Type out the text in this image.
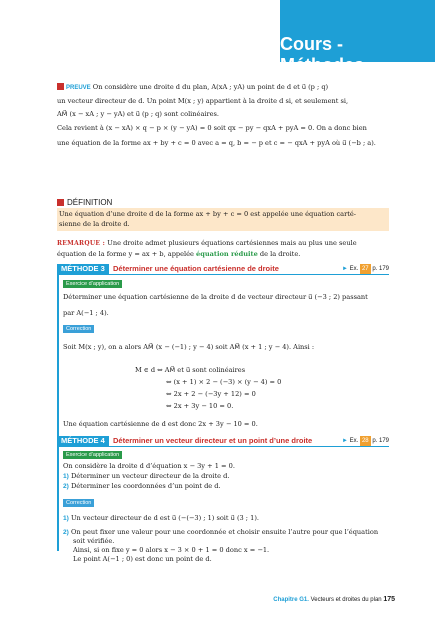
Cours - Méthodes
PREUVE On considère une droite d du plan, A(xA ; yA) un point de d et u⃗ (p ; q)
un vecteur directeur de d. Un point M(x ; y) appartient à la droite d si, et seulement si,
AM⃗ (x − xA ; y − yA) et u⃗ (p ; q) sont colinéaires.
Cela revient à (x − xA) × q − p × (y − yA) = 0 soit qx − py − qxA + pyA = 0. On a donc bien
une équation de la forme ax + by + c = 0 avec a = q, b = − p et c = − qxA + pyA où u⃗ (−b ; a).
DÉFINITION
Une équation d’une droite d de la forme ax + by + c = 0 est appelée une équation carté-
sienne de la droite d.
REMARQUE : Une droite admet plusieurs équations cartésiennes mais au plus une seule
équation de la forme y = ax + b, appelée équation réduite de la droite.
MÉTHODE 3	Déterminer une équation cartésienne de droite	► Ex. 27 p. 179
Exercice d’application
Déterminer une équation cartésienne de la droite d de vecteur directeur u⃗ (−3 ; 2) passant
par A(−1 ; 4).
Correction
Soit M(x ; y), on a alors AM⃗ (x − (−1) ; y − 4) soit AM⃗ (x + 1 ; y − 4). Ainsi :
M ∈ d ⇔ AM⃗ et u⃗ sont colinéaires
⇔ (x + 1) × 2 − (−3) × (y − 4) = 0
⇔ 2x + 2 − (−3y + 12) = 0
⇔ 2x + 3y − 10 = 0.
Une équation cartésienne de d est donc 2x + 3y − 10 = 0.
MÉTHODE 4	Déterminer un vecteur directeur et un point d’une droite	► Ex. 28 p. 179
Exercice d’application
On considère la droite d d’équation x − 3y + 1 = 0.
1) Déterminer un vecteur directeur de la droite d.
2) Déterminer les coordonnées d’un point de d.
Correction
1) Un vecteur directeur de d est u⃗ (−(−3) ; 1) soit u⃗ (3 ; 1).
2) On peut fixer une valeur pour une coordonnée et choisir ensuite l’autre pour que l’équation
soit vérifiée.
Ainsi, si on fixe y = 0 alors x − 3 × 0 + 1 = 0 donc x = −1.
Le point A(−1 ; 0) est donc un point de d.
Chapitre G1. Vecteurs et droites du plan 175
